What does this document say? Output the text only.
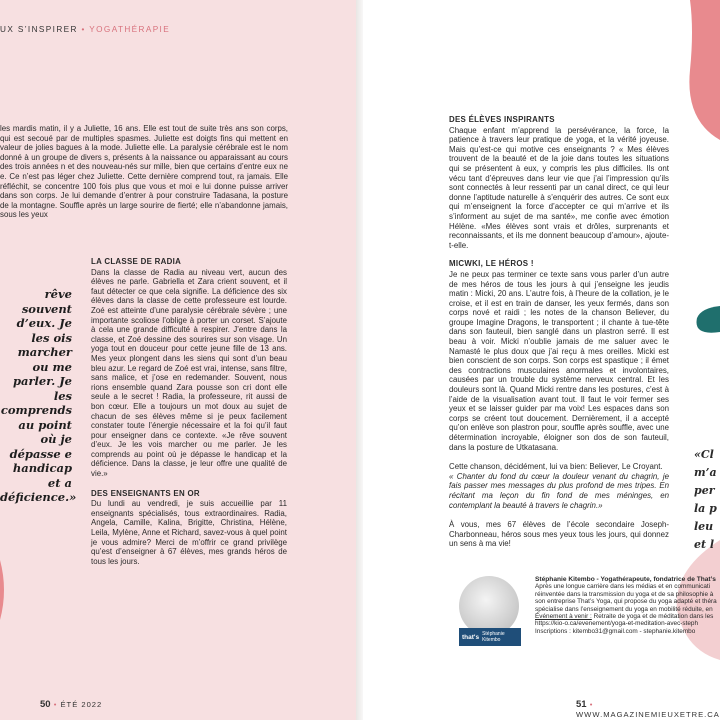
UX S’INSPIRER • YOGATHÉRAPIE
les mardis matin, il y a Juliette, 16 ans. Elle est tout de suite très ans son corps, qui est secoué par de multiples spasmes. Juliette est doigts fins qui mettent en valeur de jolies bagues à la mode. Juliette elle. La paralysie cérébrale est le nom donné à un groupe de divers s, présents à la naissance ou apparaissant au cours des trois années n et des nouveau-nés sur mille, bien que certains d’entre eux ne e. Ce n’est pas léger chez Juliette. Cette dernière comprend tout, ra jamais. Elle réfléchit, se concentre 100 fois plus que vous et moi e lui donne puisse arriver dans son corps. Je lui demande d’entrer à pour construire Tadasana, la posture de la montagne. Souffle après un large sourire de fierté; elle n’abandonne jamais, sous les yeux
rêve souvent d’eux. Je les ois marcher ou me parler. Je les comprends au point où je dépasse e handicap et a déficience.»
LA CLASSE DE RADIA

Dans la classe de Radia au niveau vert, aucun des élèves ne parle. Gabriella et Zara crient souvent, et il faut détecter ce que cela signifie. La déficience des six élèves dans la classe de cette professeure est lourde. Zoé est atteinte d’une paralysie cérébrale sévère ; une importante scoliose l’oblige à porter un corset. S’ajoute à cela une grande difficulté à respirer. J’entre dans la classe, et Zoé dessine des sourires sur son visage. Un yoga tout en douceur pour cette jeune fille de 13 ans. Mes yeux plongent dans les siens qui sont d’un beau bleu azur. Le regard de Zoé est vrai, intense, sans filtre, sans malice, et j’ose en redemander. Souvent, nous rions ensemble quand Zara pousse son cri dont elle seule a le secret ! Radia, la professeure, rit aussi de bon cœur. Elle a toujours un mot doux au sujet de chacun de ses élèves même si je peux facilement constater toute l’énergie nécessaire et la foi qu’il faut pour enseigner dans ce contexte. «Je rêve souvent d’eux. Je les vois marcher ou me parler. Je les comprends au point où je dépasse le handicap et la déficience. Dans la classe, je leur offre une qualité de vie.»

DES ENSEIGNANTS EN OR

Du lundi au vendredi, je suis accueillie par 11 enseignants spécialisés, tous extraordinaires. Radia, Angela, Camille, Kalina, Brigitte, Christina, Hélène, Leila, Mylène, Anne et Richard, savez-vous à quel point je vous admire? Merci de m’offrir ce grand privilège qu’est d’enseigner à 67 élèves, mes grands héros de tous les jours.

50 • ÉTÉ 2022
DES ÉLÈVES INSPIRANTS

Chaque enfant m’apprend la persévérance, la force, la patience à travers leur pratique de yoga, et la vérité joyeuse. Mais qu’est-ce qui motive ces enseignants ? « Mes élèves trouvent de la beauté et de la joie dans toutes les situations qui se présentent à eux, y compris les plus difficiles. Ils ont vécu tant d’épreuves dans leur vie que j’ai l’impression qu’ils sont connectés à leur ressenti par un canal direct, ce qui leur donne l’aptitude naturelle à s’enquérir des autres. Ce sont eux qui m’enseignent la force d’accepter ce qui m’arrive et ils s’informent au sujet de ma santé», me confie avec émotion Hélène. «Mes élèves sont vrais et drôles, surprenants et reconnaissants, et ils me donnent beaucoup d’amour», ajoute-t-elle.

MICWKI, LE HÉROS !

Je ne peux pas terminer ce texte sans vous parler d’un autre de mes héros de tous les jours à qui j’enseigne les jeudis matin : Micki, 20 ans. L’autre fois, à l’heure de la collation, je le croise, et il est en train de danser, les yeux fermés, dans son corps nové et raidi ; les notes de la chanson Believer, du groupe Imagine Dragons, le transportent ; il chante à tue-tête dans son fauteuil, bien sanglé dans un plastron serré. Il est beau à voir. Micki n’oublie jamais de me saluer avec le Namasté le plus doux que j’ai reçu à mes oreilles. Micki est bien conscient de son corps. Son corps est spastique ; il émet des contractions musculaires anormales et involontaires, causées par un trouble du système nerveux central. Et les douleurs sont là. Quand Micki rentre dans les postures, c’est à l’aide de la visualisation avant tout. Il faut le voir fermer ses yeux et se laisser guider par ma voix! Les espaces dans son corps se créent tout doucement. Dernièrement, il a accepté qu’on enlève son plastron pour, souffle après souffle, avec une détermination incroyable, éloigner son dos de son fauteuil, dans la posture de Utkatasana.

Cette chanson, décidément, lui va bien: Believer, Le Croyant.

« Chanter du fond du cœur la douleur venant du chagrin, je fais passer mes messages du plus profond de mes tripes. En récitant ma leçon du fin fond de mes méninges, en contemplant la beauté à travers le chagrin.»

À vous, mes 67 élèves de l’école secondaire Joseph-Charbonneau, héros sous mes yeux tous les jours, qui donnez un sens à ma vie!

«Cl
m’a
per
la p
leu
et l
that's Stéphanie Kitembo
Stéphanie Kitembo - Yogathérapeute, fondatrice de That’s
Après une longue carrière dans les médias et en communicati réinventée dans la transmission du yoga et de sa philosophie à son entreprise That’s Yoga, qui propose du yoga adapté et théra spécialise dans l’enseignement du yoga en mobilité réduite, en
Événement à venir : Retraite de yoga et de méditation dans les
https://kio-o.ca/evenement/yoga-et-meditation-avec-steph
Inscriptions : kitembo31@gmail.com - stephanie.kitembo
51 • WWW.MAGAZINEMIEUXETRE.CA
